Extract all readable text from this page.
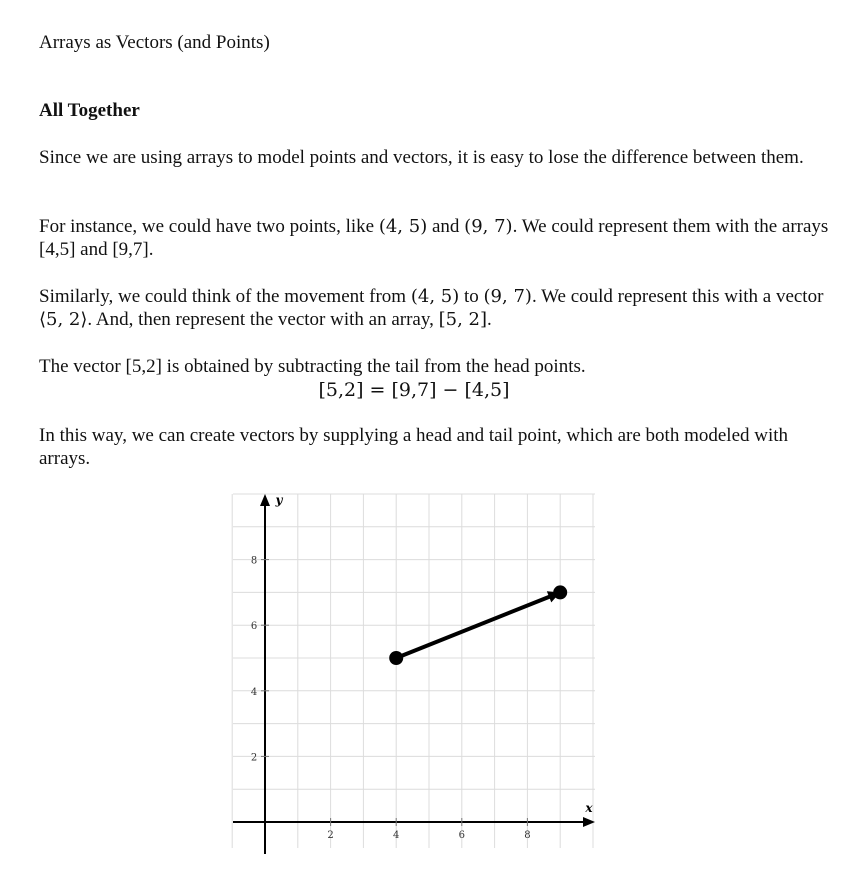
Arrays as Vectors (and Points)
All Together

Since we are using arrays to model points and vectors, it is easy to lose the difference between them.

For instance, we could have two points, like (4, 5) and (9, 7). We could represent them with the arrays [4,5] and [9,7].

Similarly, we could think of the movement from (4, 5) to (9, 7). We could represent this with a vector ⟨5, 2⟩. And, then represent the vector with an array, [5, 2].

The vector [5,2] is obtained by subtracting the tail from the head points.

[5,2] = [9,7] − [4,5]

In this way, we can create vectors by supplying a head and tail point, which are both modeled with arrays.

2	4	6	8
2
4
6
8
x
y
